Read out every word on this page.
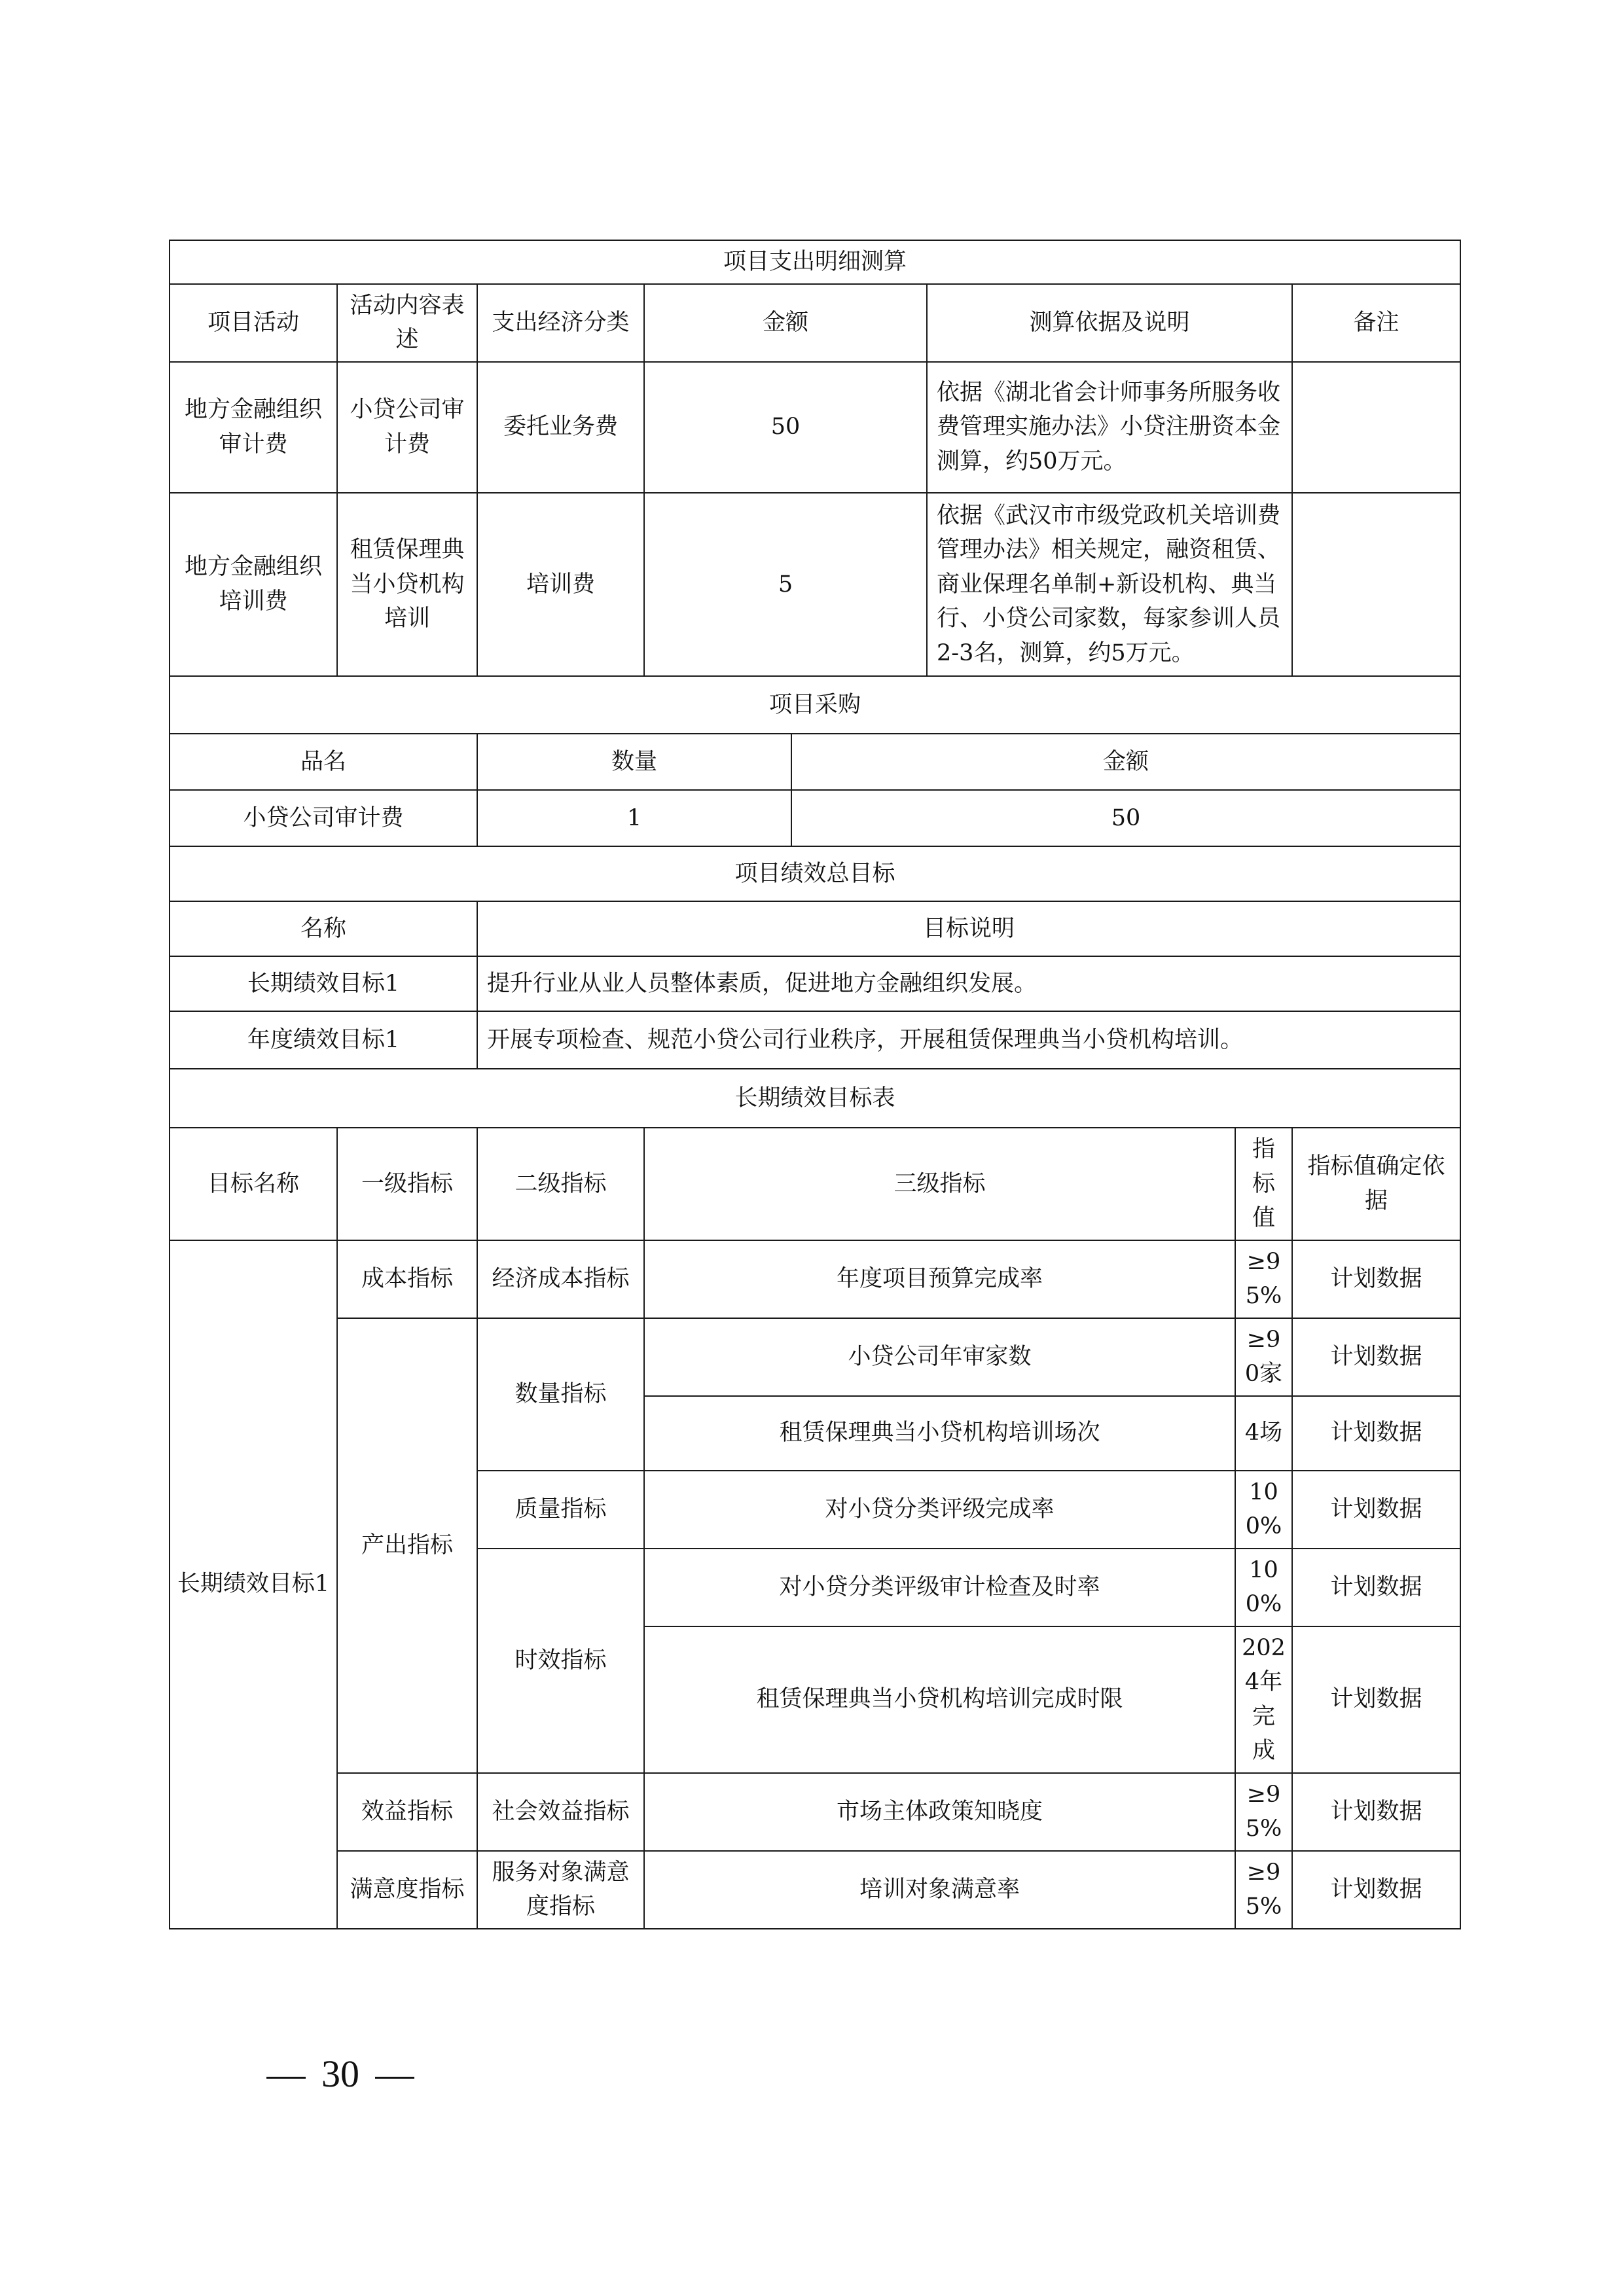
项目支出明细测算							
项目活动	活动内容表述	支出经济分类	金额		测算依据及说明		备注
地方金融组织审计费	小贷公司审计费	委托业务费	50		依据《湖北省会计师事务所服务收费管理实施办法》小贷注册资本金测算，约50万元。		
地方金融组织培训费	租赁保理典当小贷机构培训	培训费	5		依据《武汉市市级党政机关培训费管理办法》相关规定，融资租赁、商业保理名单制+新设机构、典当行、小贷公司家数，每家参训人员2-3名，测算，约5万元。		
项目采购							
品名		数量		金额			
小贷公司审计费		1		50			
项目绩效总目标							
名称		目标说明					
长期绩效目标1		提升行业从业人员整体素质，促进地方金融组织发展。					
年度绩效目标1		开展专项检查、规范小贷公司行业秩序，开展租赁保理典当小贷机构培训。					
长期绩效目标表							
目标名称	一级指标	二级指标	三级指标			指标值	指标值确定依据
长期绩效目标1	成本指标	经济成本指标	年度项目预算完成率			≥95%	计划数据
	产出指标	数量指标	小贷公司年审家数			≥90家	计划数据
			租赁保理典当小贷机构培训场次			4场	计划数据
		质量指标	对小贷分类评级完成率			100%	计划数据
		时效指标	对小贷分类评级审计检查及时率			100%	计划数据
			租赁保理典当小贷机构培训完成时限			2024年完成	计划数据
	效益指标	社会效益指标	市场主体政策知晓度			≥95%	计划数据
	满意度指标	服务对象满意度指标	培训对象满意率			≥95%	计划数据
30
